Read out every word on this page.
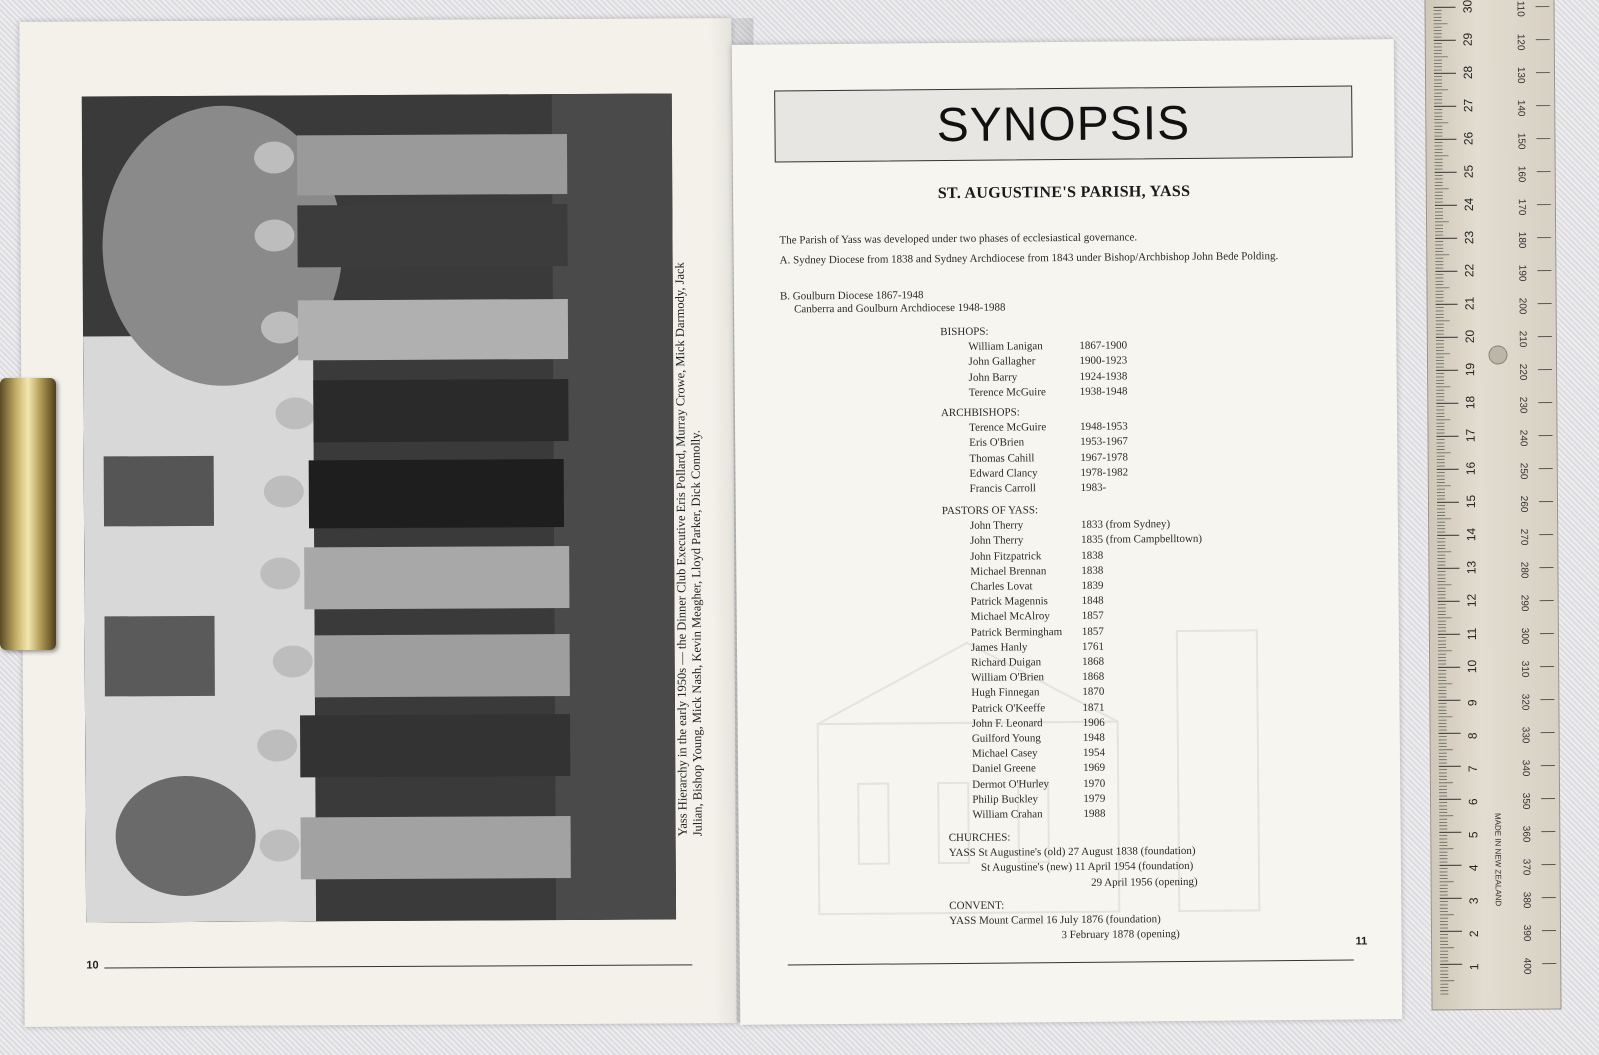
Yass Hierarchy in the early 1950s — the Dinner Club Executive Eris Pollard, Murray Crowe, Mick Darmody, Jack
Julian, Bishop Young, Mick Nash, Kevin Meagher, Lloyd Parker, Dick Connolly.
10
SYNOPSIS
ST. AUGUSTINE'S PARISH, YASS
The Parish of Yass was developed under two phases of ecclesiastical governance.
A. Sydney Diocese from 1838 and Sydney Archdiocese from 1843 under Bishop/Archbishop John Bede Polding.
B. Goulburn Diocese 1867-1948
Canberra and Goulburn Archdiocese 1948-1988
BISHOPS:
William Lanigan	1867-1900
John Gallagher	1900-1923
John Barry	1924-1938
Terence McGuire	1938-1948
ARCHBISHOPS:
Terence McGuire	1948-1953
Eris O'Brien	1953-1967
Thomas Cahill	1967-1978
Edward Clancy	1978-1982
Francis Carroll	1983-
PASTORS OF YASS:
John Therry	1833 (from Sydney)
John Therry	1835 (from Campbelltown)
John Fitzpatrick	1838
Michael Brennan	1838
Charles Lovat	1839
Patrick Magennis	1848
Michael McAlroy	1857
Patrick Bermingham	1857
James Hanly	1761
Richard Duigan	1868
William O'Brien	1868
Hugh Finnegan	1870
Patrick O'Keeffe	1871
John F. Leonard	1906
Guilford Young	1948
Michael Casey	1954
Daniel Greene	1969
Dermot O'Hurley	1970
Philip Buckley	1979
William Crahan	1988
CHURCHES:
YASS St Augustine's (old) 27 August 1838 (foundation)
St Augustine's (new) 11 April 1954 (foundation)
29 April 1956 (opening)
CONVENT:
YASS Mount Carmel 16 July 1876 (foundation)
3 February 1878 (opening)	11
30	110
29	120
28	130
27	140
26	150
25	160
24	170
23	180
22	190
21	200
20	210
19	220
18	230
17	240
16	250
15	260
14	270
13	280
12	290
11	300
10	310
9	320
8	330
7	340
6	350
5	360
4	370
3	380
2	390
1	400
MADE IN NEW ZEALAND
